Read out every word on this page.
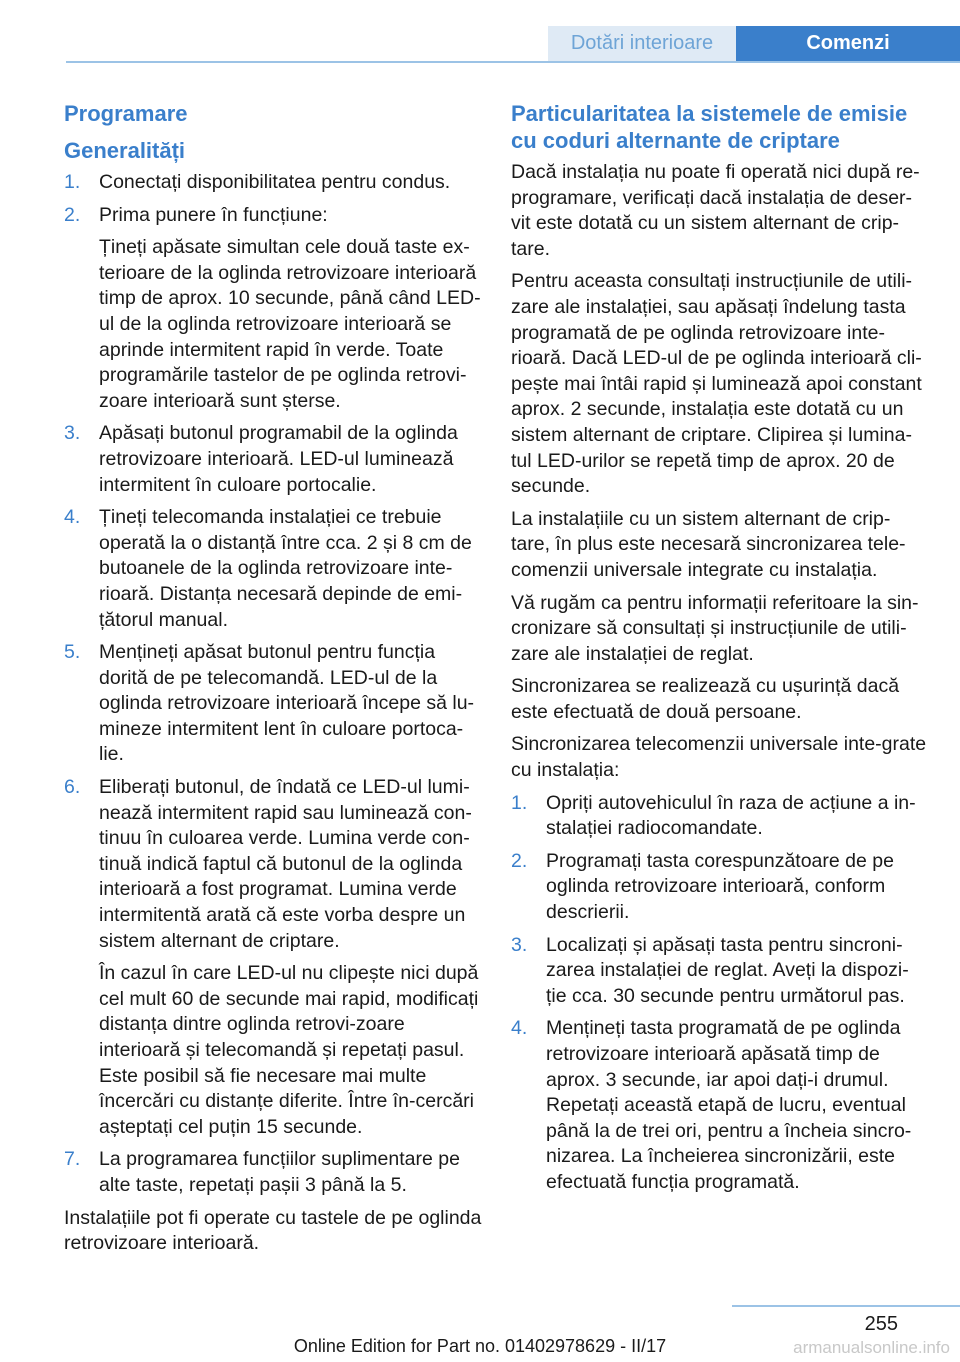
Dotări interioare	Comenzi
Programare
Generalități
1. Conectați disponibilitatea pentru condus.

2. Prima punere în funcțiune:

Țineți apăsate simultan cele două taste ex-terioare de la oglinda retrovizoare interioară timp de aprox. 10 secunde, până când LED-ul de la oglinda retrovizoare interioară se aprinde intermitent rapid în verde. Toate programările tastelor de pe oglinda retrovi-zoare interioară sunt șterse.

3. Apăsați butonul programabil de la oglinda retrovizoare interioară. LED-ul luminează intermitent în culoare portocalie.

4. Țineți telecomanda instalației ce trebuie operată la o distanță între cca. 2 și 8 cm de butoanele de la oglinda retrovizoare inte-rioară. Distanța necesară depinde de emi-țătorul manual.

5. Mențineți apăsat butonul pentru funcția dorită de pe telecomandă. LED-ul de la oglinda retrovizoare interioară începe să lu-mineze intermitent lent în culoare portoca-lie.

6. Eliberați butonul, de îndată ce LED-ul lumi-nează intermitent rapid sau luminează con-tinuu în culoarea verde. Lumina verde con-tinuă indică faptul că butonul de la oglinda interioară a fost programat. Lumina verde intermitentă arată că este vorba despre un sistem alternant de criptare.

În cazul în care LED-ul nu clipește nici după cel mult 60 de secunde mai rapid, modificați distanța dintre oglinda retrovi-zoare interioară și telecomandă și repetați pasul. Este posibil să fie necesare mai multe încercări cu distanțe diferite. Între în-cercări așteptați cel puțin 15 secunde.

7. La programarea funcțiilor suplimentare pe alte taste, repetați pașii 3 până la 5.

Instalațiile pot fi operate cu tastele de pe oglinda retrovizoare interioară.

Particularitatea la sistemele de emisie cu coduri alternante de criptare

Dacă instalația nu poate fi operată nici după re-programare, verificați dacă instalația de deser-vit este dotată cu un sistem alternant de crip-tare.

Pentru aceasta consultați instrucțiunile de utili-zare ale instalației, sau apăsați îndelung tasta programată de pe oglinda retrovizoare inte-rioară. Dacă LED-ul de pe oglinda interioară cli-pește mai întâi rapid și luminează apoi constant aprox. 2 secunde, instalația este dotată cu un sistem alternant de criptare. Clipirea și lumina-tul LED-urilor se repetă timp de aprox. 20 de secunde.

La instalațiile cu un sistem alternant de crip-tare, în plus este necesară sincronizarea tele-comenzii universale integrate cu instalația.

Vă rugăm ca pentru informații referitoare la sin-cronizare să consultați și instrucțiunile de utili-zare ale instalației de reglat.

Sincronizarea se realizează cu ușurință dacă este efectuată de două persoane.

Sincronizarea telecomenzii universale inte-grate cu instalația:

1. Opriți autovehiculul în raza de acțiune a in-stalației radiocomandate.

2. Programați tasta corespunzătoare de pe oglinda retrovizoare interioară, conform descrierii.

3. Localizați și apăsați tasta pentru sincroni-zarea instalației de reglat. Aveți la dispozi-ție cca. 30 secunde pentru următorul pas.

4. Mențineți tasta programată de pe oglinda retrovizoare interioară apăsată timp de aprox. 3 secunde, iar apoi dați-i drumul. Repetați această etapă de lucru, eventual până la de trei ori, pentru a încheia sincro-nizarea. La încheierea sincronizării, este efectuată funcția programată.

255
Online Edition for Part no. 01402978629 - II/17	armanualsonline.info
